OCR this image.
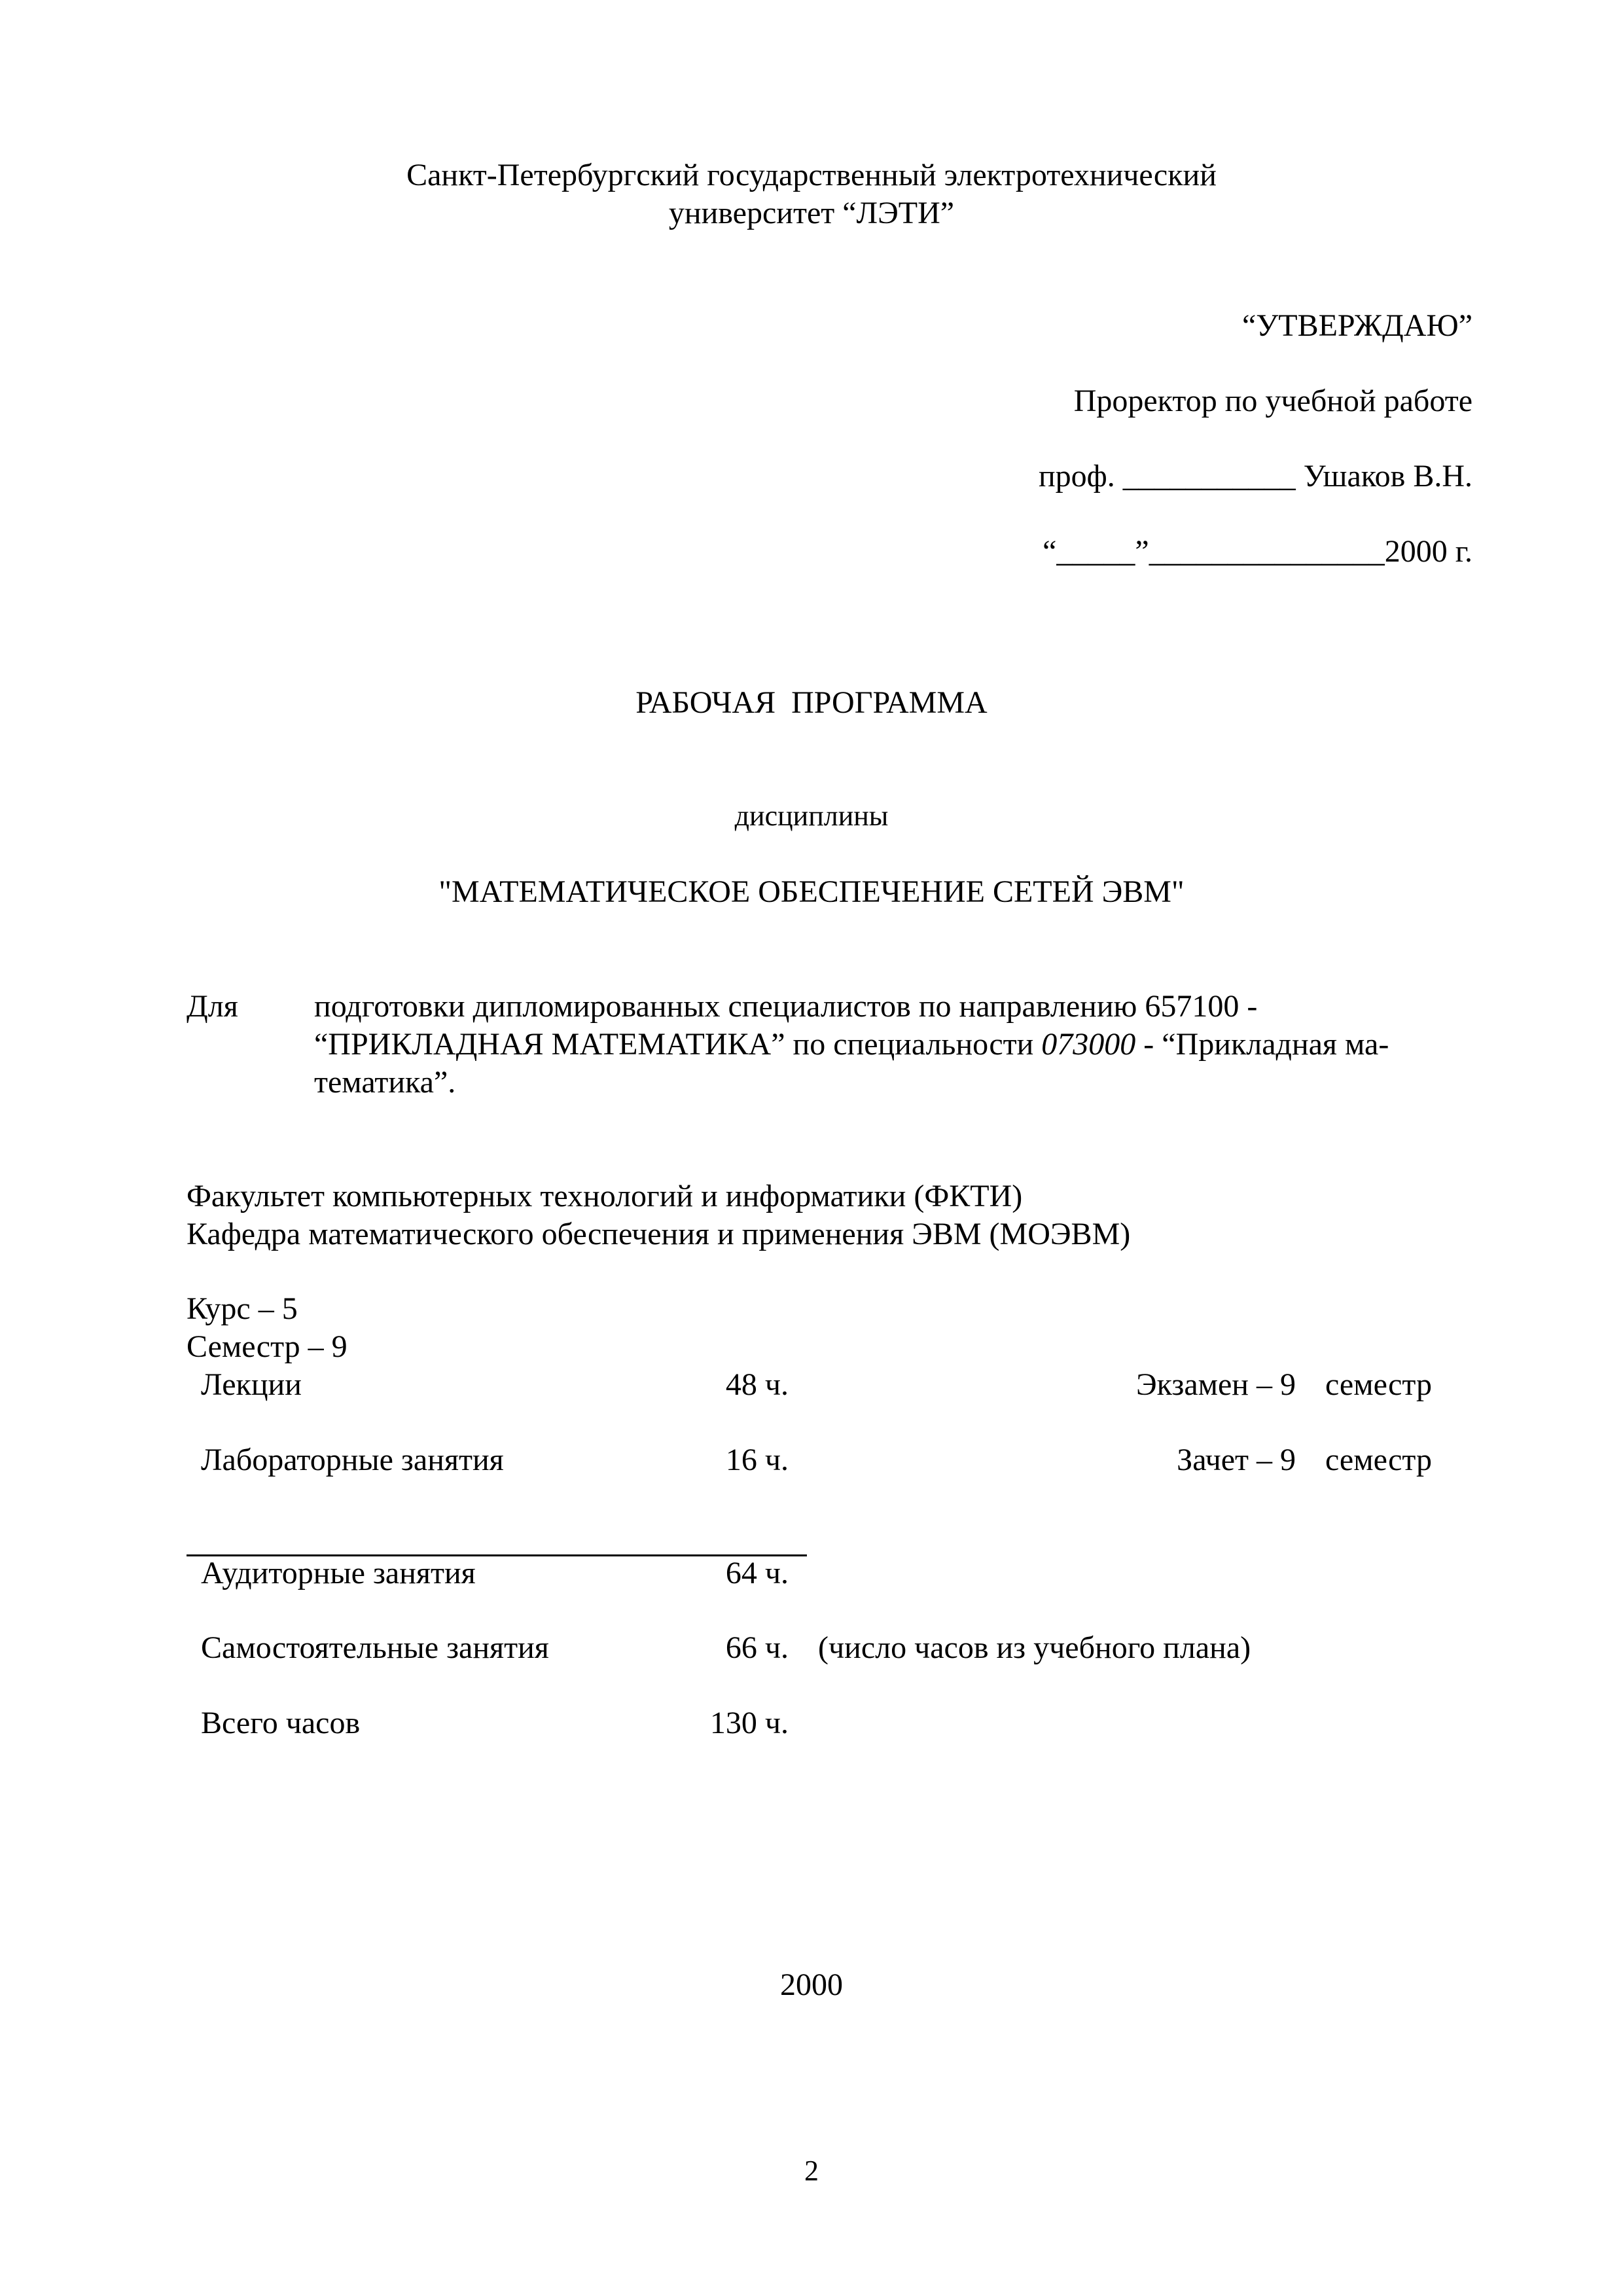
Санкт-Петербургский государственный электротехнический
университет “ЛЭТИ”
“УТВЕРЖДАЮ”
Проректор по учебной работе
проф. ___________ Ушаков В.Н.
“_____”_______________2000 г.
РАБОЧАЯ  ПРОГРАММА
дисциплины
"МАТЕМАТИЧЕСКОЕ ОБЕСПЕЧЕНИЕ СЕТЕЙ ЭВМ"
Для подготовки дипломированных специалистов по направлению 657100 -
“ПРИКЛАДНАЯ МАТЕМАТИКА” по специальности 073000 - “Прикладная ма-
тематика”.
Факультет компьютерных технологий и информатики (ФКТИ)
Кафедра математического обеспечения и применения ЭВМ (МОЭВМ)
Курс – 5
Семестр – 9
Лекции	48 ч.	Экзамен – 9 семестр
Лабораторные занятия	16 ч.	Зачет – 9 семестр
Аудиторные занятия	64 ч.
Самостоятельные занятия	66 ч. (число часов из учебного плана)
Всего часов	130 ч.
2000
2
